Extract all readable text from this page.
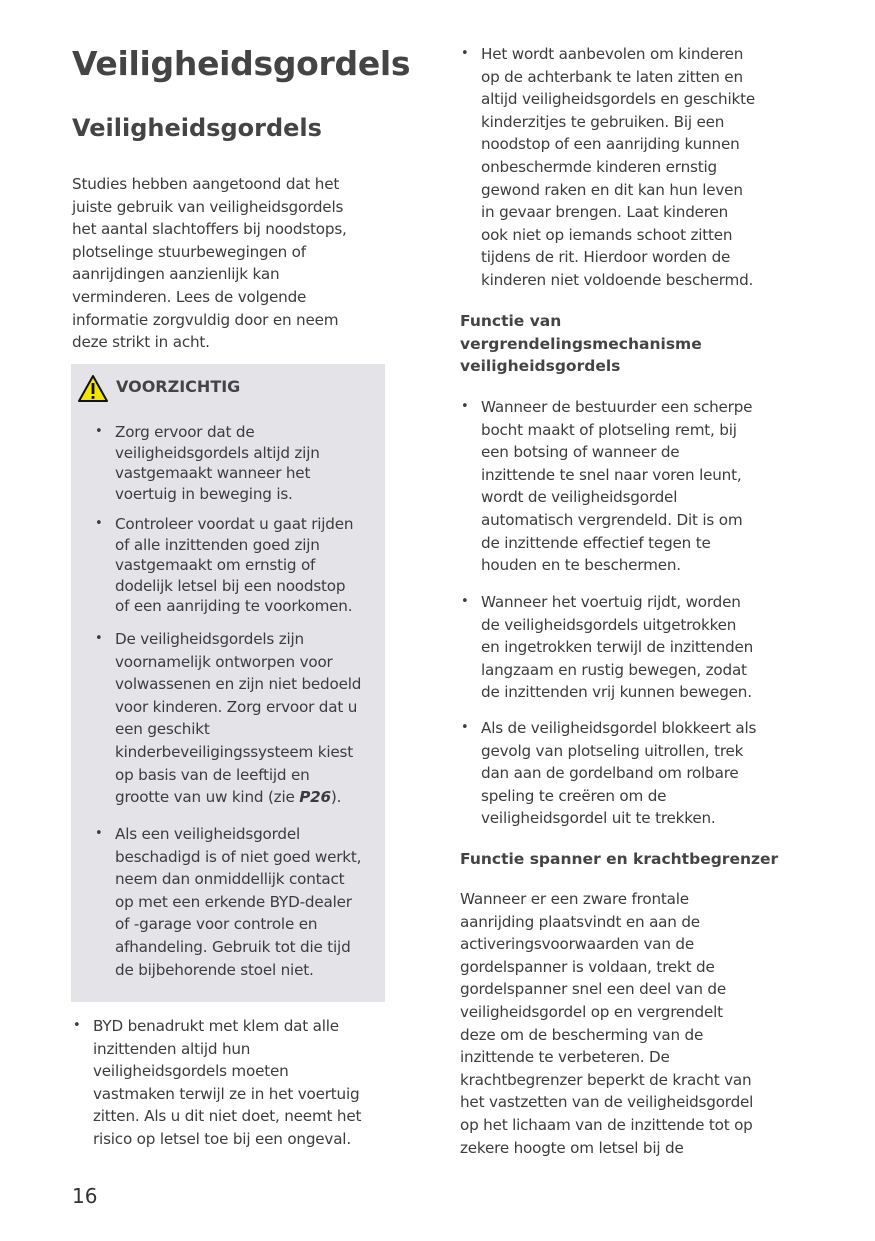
Veiligheidsgordels
Veiligheidsgordels
Studies hebben aangetoond dat het
juiste gebruik van veiligheidsgordels
het aantal slachtoffers bij noodstops,
plotselinge stuurbewegingen of
aanrijdingen aanzienlijk kan
verminderen. Lees de volgende
informatie zorgvuldig door en neem
deze strikt in acht.
VOORZICHTIG
• Zorg ervoor dat de
veiligheidsgordels altijd zijn
vastgemaakt wanneer het
voertuig in beweging is.
• Controleer voordat u gaat rijden
of alle inzittenden goed zijn
vastgemaakt om ernstig of
dodelijk letsel bij een noodstop
of een aanrijding te voorkomen.
• De veiligheidsgordels zijn
voornamelijk ontworpen voor
volwassenen en zijn niet bedoeld
voor kinderen. Zorg ervoor dat u
een geschikt
kinderbeveiligingssysteem kiest
op basis van de leeftijd en
grootte van uw kind (zie P26).
• Als een veiligheidsgordel
beschadigd is of niet goed werkt,
neem dan onmiddellijk contact
op met een erkende BYD-dealer
of -garage voor controle en
afhandeling. Gebruik tot die tijd
de bijbehorende stoel niet.
• BYD benadrukt met klem dat alle
inzittenden altijd hun
veiligheidsgordels moeten
vastmaken terwijl ze in het voertuig
zitten. Als u dit niet doet, neemt het
risico op letsel toe bij een ongeval.
• Het wordt aanbevolen om kinderen
op de achterbank te laten zitten en
altijd veiligheidsgordels en geschikte
kinderzitjes te gebruiken. Bij een
noodstop of een aanrijding kunnen
onbeschermde kinderen ernstig
gewond raken en dit kan hun leven
in gevaar brengen. Laat kinderen
ook niet op iemands schoot zitten
tijdens de rit. Hierdoor worden de
kinderen niet voldoende beschermd.
Functie van
vergrendelingsmechanisme
veiligheidsgordels
• Wanneer de bestuurder een scherpe
bocht maakt of plotseling remt, bij
een botsing of wanneer de
inzittende te snel naar voren leunt,
wordt de veiligheidsgordel
automatisch vergrendeld. Dit is om
de inzittende effectief tegen te
houden en te beschermen.
• Wanneer het voertuig rijdt, worden
de veiligheidsgordels uitgetrokken
en ingetrokken terwijl de inzittenden
langzaam en rustig bewegen, zodat
de inzittenden vrij kunnen bewegen.
• Als de veiligheidsgordel blokkeert als
gevolg van plotseling uitrollen, trek
dan aan de gordelband om rolbare
speling te creëren om de
veiligheidsgordel uit te trekken.
Functie spanner en krachtbegrenzer
Wanneer er een zware frontale
aanrijding plaatsvindt en aan de
activeringsvoorwaarden van de
gordelspanner is voldaan, trekt de
gordelspanner snel een deel van de
veiligheidsgordel op en vergrendelt
deze om de bescherming van de
inzittende te verbeteren. De
krachtbegrenzer beperkt de kracht van
het vastzetten van de veiligheidsgordel
op het lichaam van de inzittende tot op
zekere hoogte om letsel bij de
16
